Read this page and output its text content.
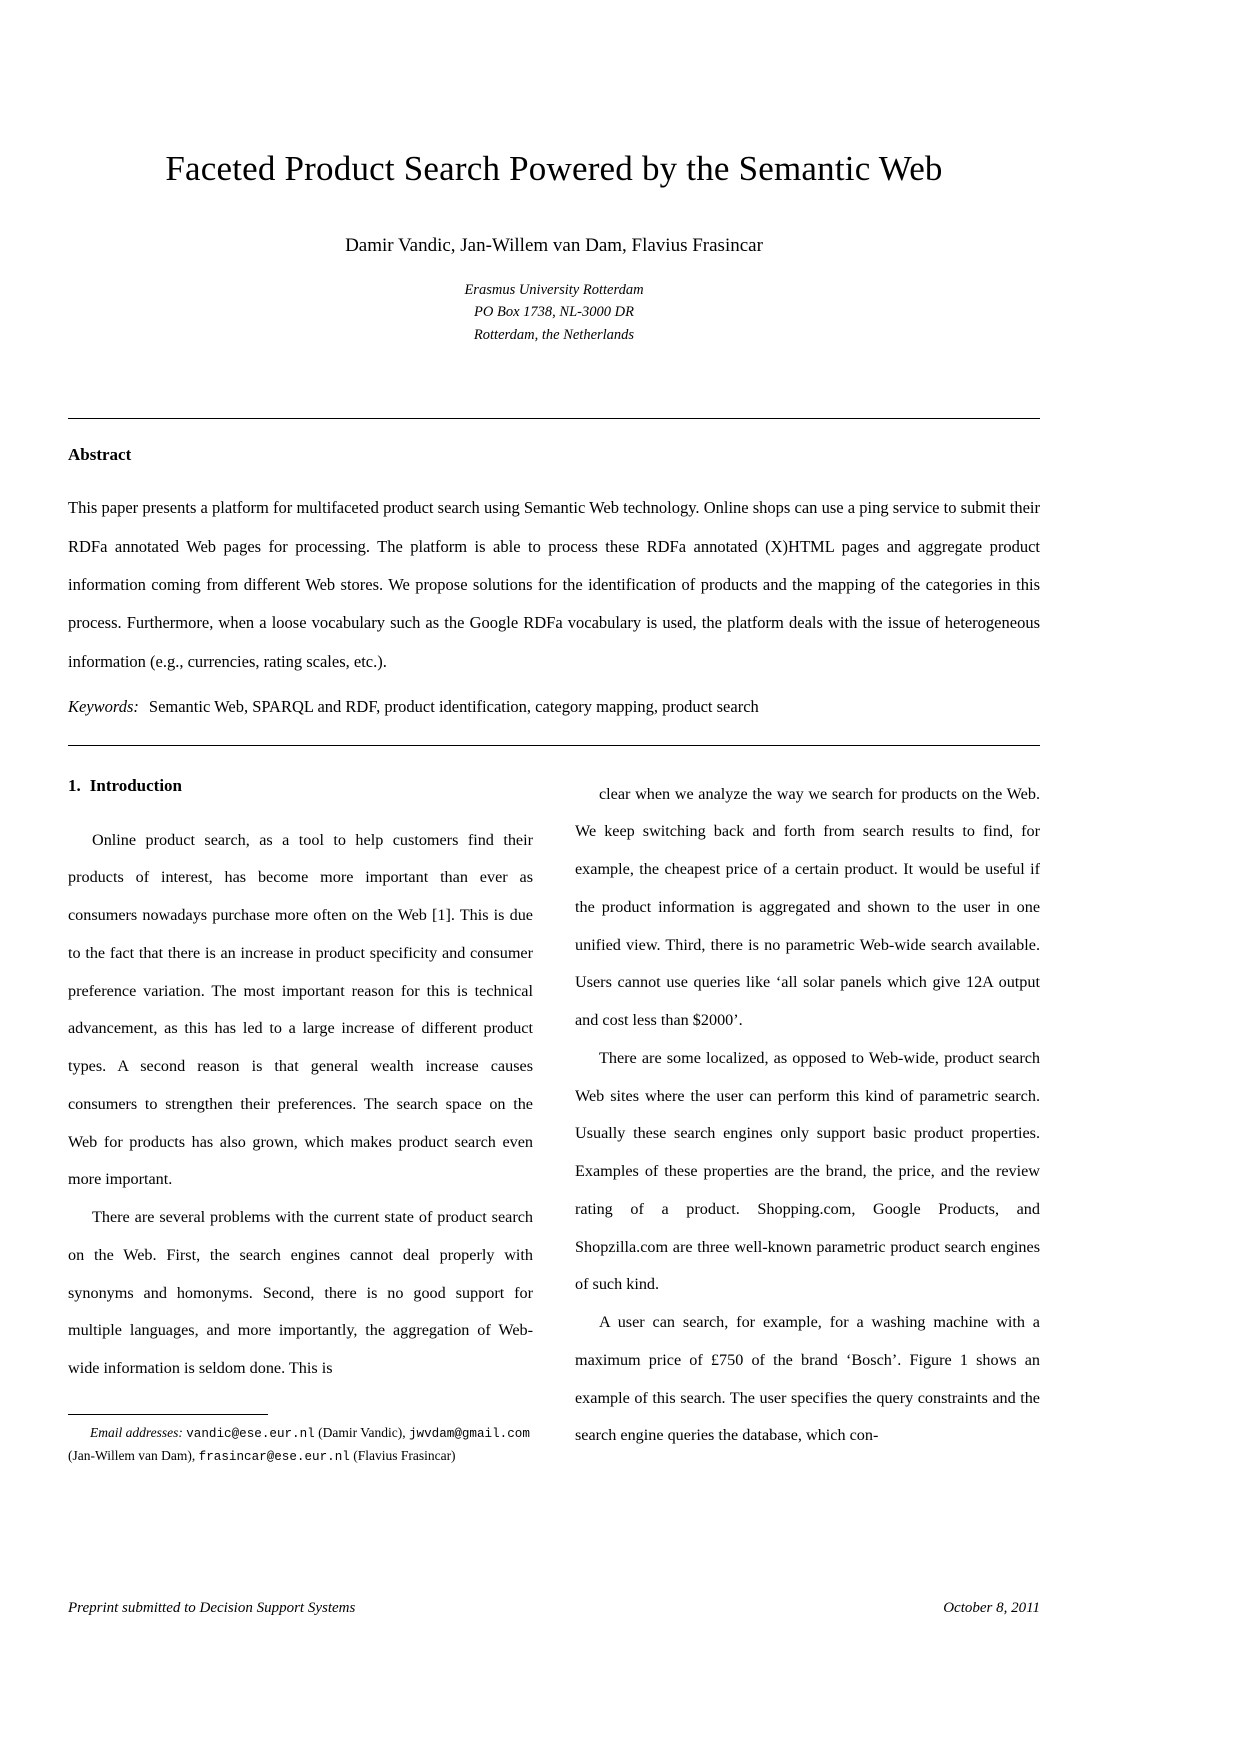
Faceted Product Search Powered by the Semantic Web
Damir Vandic, Jan-Willem van Dam, Flavius Frasincar
Erasmus University Rotterdam
PO Box 1738, NL-3000 DR
Rotterdam, the Netherlands
Abstract

This paper presents a platform for multifaceted product search using Semantic Web technology. Online shops can use a ping service to submit their RDFa annotated Web pages for processing. The platform is able to process these RDFa annotated (X)HTML pages and aggregate product information coming from different Web stores. We propose solutions for the identification of products and the mapping of the categories in this process. Furthermore, when a loose vocabulary such as the Google RDFa vocabulary is used, the platform deals with the issue of heterogeneous information (e.g., currencies, rating scales, etc.).

Keywords: Semantic Web, SPARQL and RDF, product identification, category mapping, product search

1. Introduction

Online product search, as a tool to help customers find their products of interest, has become more important than ever as consumers nowadays purchase more often on the Web [1]. This is due to the fact that there is an increase in product specificity and consumer preference variation. The most important reason for this is technical advancement, as this has led to a large increase of different product types. A second reason is that general wealth increase causes consumers to strengthen their preferences. The search space on the Web for products has also grown, which makes product search even more important.

There are several problems with the current state of product search on the Web. First, the search engines cannot deal properly with synonyms and homonyms. Second, there is no good support for multiple languages, and more importantly, the aggregation of Web-wide information is seldom done. This is

Email addresses: vandic@ese.eur.nl (Damir Vandic), jwvdam@gmail.com (Jan-Willem van Dam), frasincar@ese.eur.nl (Flavius Frasincar)

clear when we analyze the way we search for products on the Web. We keep switching back and forth from search results to find, for example, the cheapest price of a certain product. It would be useful if the product information is aggregated and shown to the user in one unified view. Third, there is no parametric Web-wide search available. Users cannot use queries like ‘all solar panels which give 12A output and cost less than $2000’.

There are some localized, as opposed to Web-wide, product search Web sites where the user can perform this kind of parametric search. Usually these search engines only support basic product properties. Examples of these properties are the brand, the price, and the review rating of a product. Shopping.com, Google Products, and Shopzilla.com are three well-known parametric product search engines of such kind.

A user can search, for example, for a washing machine with a maximum price of £750 of the brand ‘Bosch’. Figure 1 shows an example of this search. The user specifies the query constraints and the search engine queries the database, which con-

Preprint submitted to Decision Support Systems	October 8, 2011
